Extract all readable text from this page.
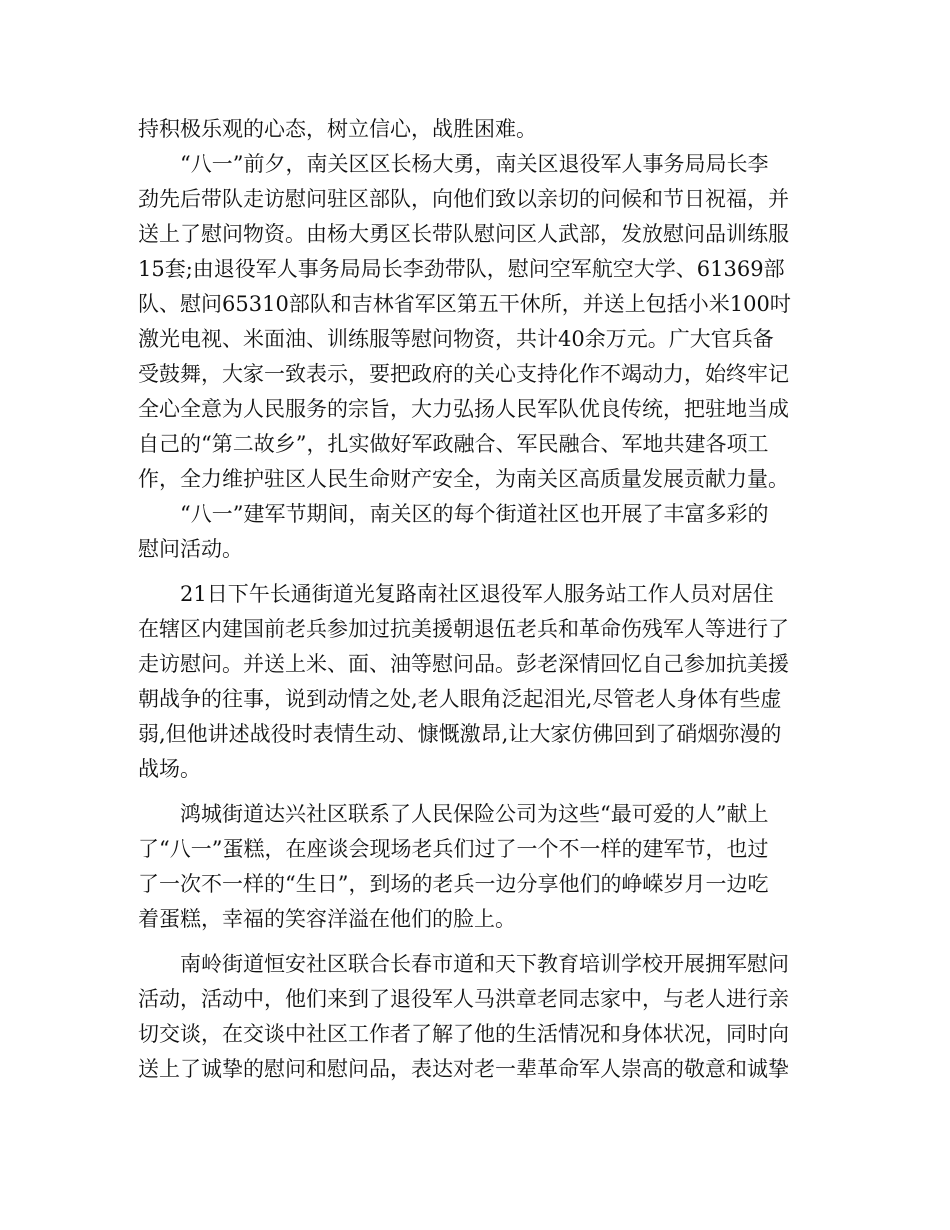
持积极乐观的心态，树立信心，战胜困难。
“八一”前夕，南关区区长杨大勇，南关区退役军人事务局局长李
劲先后带队走访慰问驻区部队，向他们致以亲切的问候和节日祝福，并
送上了慰问物资。由杨大勇区长带队慰问区人武部，发放慰问品训练服
15套;由退役军人事务局局长李劲带队，慰问空军航空大学、61369部
队、慰问65310部队和吉林省军区第五干休所，并送上包括小米100吋
激光电视、米面油、训练服等慰问物资，共计40余万元。广大官兵备
受鼓舞，大家一致表示，要把政府的关心支持化作不竭动力，始终牢记
全心全意为人民服务的宗旨，大力弘扬人民军队优良传统，把驻地当成
自己的“第二故乡”，扎实做好军政融合、军民融合、军地共建各项工
作，全力维护驻区人民生命财产安全，为南关区高质量发展贡献力量。
“八一”建军节期间，南关区的每个街道社区也开展了丰富多彩的
慰问活动。
21日下午长通街道光复路南社区退役军人服务站工作人员对居住
在辖区内建国前老兵参加过抗美援朝退伍老兵和革命伤残军人等进行了
走访慰问。并送上米、面、油等慰问品。彭老深情回忆自己参加抗美援
朝战争的往事，说到动情之处,老人眼角泛起泪光,尽管老人身体有些虚
弱,但他讲述战役时表情生动、慷慨激昂,让大家仿佛回到了硝烟弥漫的
战场。
鸿城街道达兴社区联系了人民保险公司为这些“最可爱的人”献上
了“八一”蛋糕，在座谈会现场老兵们过了一个不一样的建军节，也过
了一次不一样的“生日”，到场的老兵一边分享他们的峥嵘岁月一边吃
着蛋糕，幸福的笑容洋溢在他们的脸上。
南岭街道恒安社区联合长春市道和天下教育培训学校开展拥军慰问
活动，活动中，他们来到了退役军人马洪章老同志家中，与老人进行亲
切交谈，在交谈中社区工作者了解了他的生活情况和身体状况，同时向
送上了诚挚的慰问和慰问品，表达对老一辈革命军人崇高的敬意和诚挚
